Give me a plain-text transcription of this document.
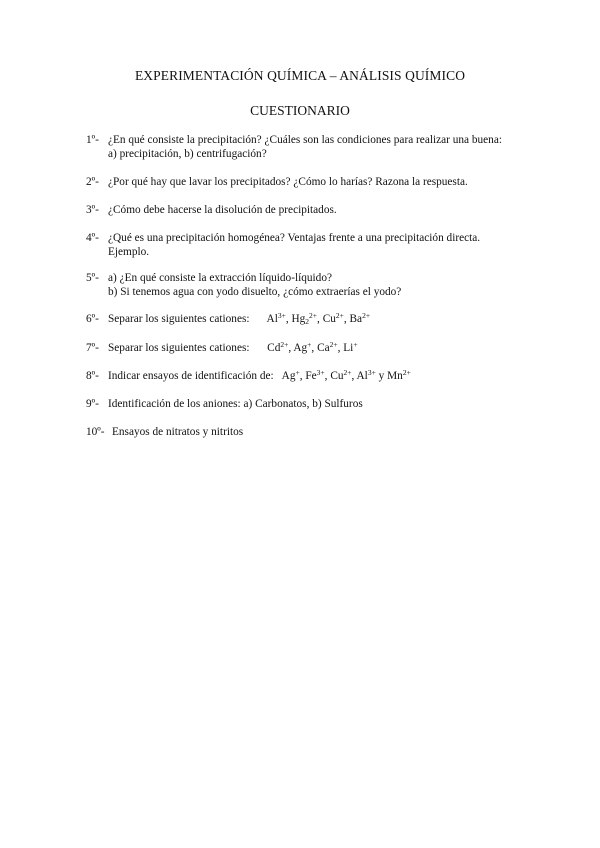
EXPERIMENTACIÓN QUÍMICA – ANÁLISIS QUÍMICO
CUESTIONARIO
1º- ¿En qué consiste la precipitación? ¿Cuáles son las condiciones para realizar una buena:
a) precipitación, b) centrifugación?
2º- ¿Por qué hay que lavar los precipitados? ¿Cómo lo harías? Razona la respuesta.
3º- ¿Cómo debe hacerse la disolución de precipitados.
4º- ¿Qué es una precipitación homogénea? Ventajas frente a una precipitación directa.
Ejemplo.
5º- a) ¿En qué consiste la extracción líquido-líquido?
b) Si tenemos agua con yodo disuelto, ¿cómo extraerías el yodo?
6º- Separar los siguientes cationes: $Al^{3+}$, $Hg_2^{2+}$, $Cu^{2+}$, $Ba^{2+}$
7º- Separar los siguientes cationes: $Cd^{2+}$, Ag+, $Ca^{2+}$, Li+
8º- Indicar ensayos de identificación de: Ag+, $Fe^{3+}$, $Cu^{2+}$, $Al^{3+}$ y $Mn^{2+}$
9º- Identificación de los aniones: a) Carbonatos, b) Sulfuros
10º- Ensayos de nitratos y nitritos
